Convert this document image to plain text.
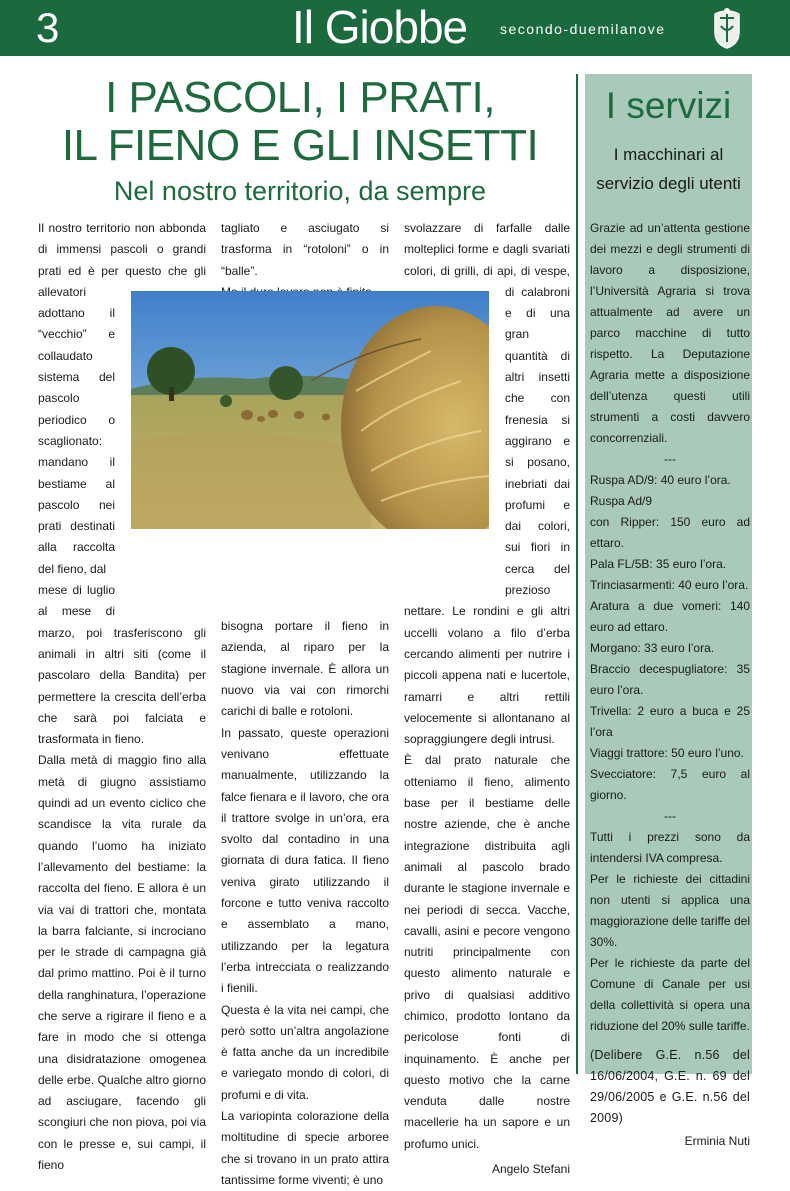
3	Il Giobbe secondo-duemilanove
I PASCOLI, I PRATI,
IL FIENO E GLI INSETTI
Nel nostro territorio, da sempre

Il nostro territorio non abbonda di immensi pascoli o grandi prati ed è per questo che gli allevatori adottano il “vecchio” e collaudato sistema del pascolo periodico o scaglionato: mandano il bestiame al pascolo nei prati destinati alla raccolta del fieno, dal

mese di luglio al mese di marzo, poi trasferiscono gli animali in altri siti (come il pascolaro della Bandita) per permettere la crescita dell’erba che sarà poi falciata e trasformata in fieno.

Dalla metà di maggio fino alla metà di giugno assistiamo quindi ad un evento ciclico che scandisce la vita rurale da quando l’uomo ha iniziato l’allevamento del bestiame: la raccolta del fieno. E allora è un via vai di trattori che, montata la barra falciante, si incrociano per le strade di campagna già dal primo mattino. Poi è il turno della ranghinatura, l’operazione che serve a rigirare il fieno e a fare in modo che si ottenga una disidratazione omogenea delle erbe. Qualche altro giorno ad asciugare, facendo gli scongiuri che non piova, poi via con le presse e, sui campi, il fieno

tagliato e asciugato si trasforma in “rotoloni” o in “balle”.

bisogna portare il fieno in azienda, al riparo per la stagione invernale. È allora un nuovo via vai con rimorchi carichi di balle e rotoloni.

In passato, queste operazioni venivano effettuate manualmente, utilizzando la falce fienara e il lavoro, che ora il trattore svolge in un’ora, era svolto dal contadino in una giornata di dura fatica. Il fieno veniva girato utilizzando il forcone e tutto veniva raccolto e assemblato a mano, utilizzando per la legatura l’erba intrecciata o realizzando i fienili.

Questa è la vita nei campi, che però sotto un’altra angolazione è fatta anche da un incredibile e variegato mondo di colori, di profumi e di vita.

La variopinta colorazione della moltitudine di specie arboree che si trovano in un prato attira tantissime forme viventi; è uno

svolazzare di farfalle dalle molteplici forme e dagli svariati colori, di grilli, di api, di vespe, di calabroni e di una gran quantità di altri insetti che con frenesia si aggirano e si posano, inebriati dai profumi e dai colori, sui fiori in cerca del prezioso nettare. Le rondini e gli altri uccelli volano a filo d’erba cercando alimenti per nutrire i piccoli appena nati e lucertole, ramarri e altri rettili velocemente si allontanano al sopraggiungere degli intrusi.

È dal prato naturale che otteniamo il fieno, alimento base per il bestiame delle nostre aziende, che è anche integrazione distribuita agli animali al pascolo brado durante le stagione invernale e nei periodi di secca. Vacche, cavalli, asini e pecore vengono nutriti principalmente con questo alimento naturale e privo di qualsiasi additivo chimico, prodotto lontano da pericolose fonti di inquinamento. È anche per questo motivo che la carne venduta dalle nostre macellerie ha un sapore e un profumo unici.

Angelo Stefani

I servizi
I macchinari al
servizio degli utenti

Grazie ad un’attenta gestione dei mezzi e degli strumenti di lavoro a disposizione, l’Università Agraria si trova attualmente ad avere un parco macchine di tutto rispetto. La Deputazione Agraria mette a disposizione dell’utenza questi utili strumenti a costi davvero concorrenziali.

---

Ruspa AD/9: 40 euro l’ora.

Ruspa Ad/9

con Ripper: 150 euro ad ettaro.

Pala FL/5B: 35 euro l’ora.

Trinciasarmenti: 40 euro l’ora.

Aratura a due vomeri: 140 euro ad ettaro.

Morgano: 33 euro l’ora.

Braccio decespugliatore: 35 euro l’ora.

Trivella: 2 euro a buca e 25 l’ora

Viaggi trattore: 50 euro l’uno.

Svecciatore: 7,5 euro al giorno.

---

Tutti i prezzi sono da intendersi IVA compresa.

Per le richieste dei cittadini non utenti si applica una maggiorazione delle tariffe del 30%.

Per le richieste da parte del Comune di Canale per usi della collettività si opera una riduzione del 20% sulle tariffe.

(Delibere G.E. n.56 del 16/06/2004, G.E. n. 69 del 29/06/2005 e G.E. n.56 del 2009)

Erminia Nuti
